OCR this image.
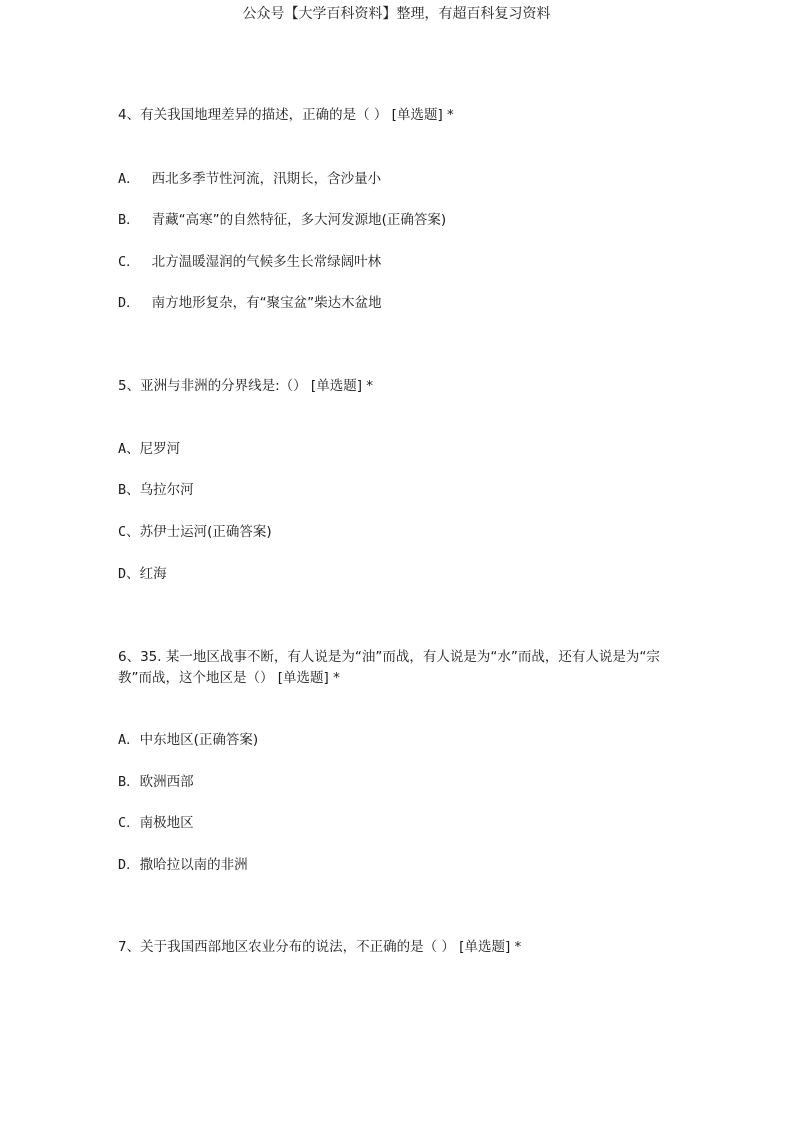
公众号【大学百科资料】整理，有超百科复习资料
4、有关我国地理差异的描述，正确的是（ ） [单选题] *
A． 西北多季节性河流，汛期长，含沙量小
B． 青藏“高寒”的自然特征，多大河发源地(正确答案)
C． 北方温暖湿润的气候多生长常绿阔叶林
D． 南方地形复杂，有“聚宝盆”柴达木盆地
5、亚洲与非洲的分界线是:（） [单选题] *
A、尼罗河
B、乌拉尔河
C、苏伊士运河(正确答案)
D、红海
6、35. 某一地区战事不断，有人说是为“油”而战，有人说是为“水”而战，还有人说是为“宗教”而战，这个地区是（） [单选题] *
A．中东地区(正确答案)
B．欧洲西部
C．南极地区
D．撒哈拉以南的非洲
7、关于我国西部地区农业分布的说法，不正确的是（ ） [单选题] *
